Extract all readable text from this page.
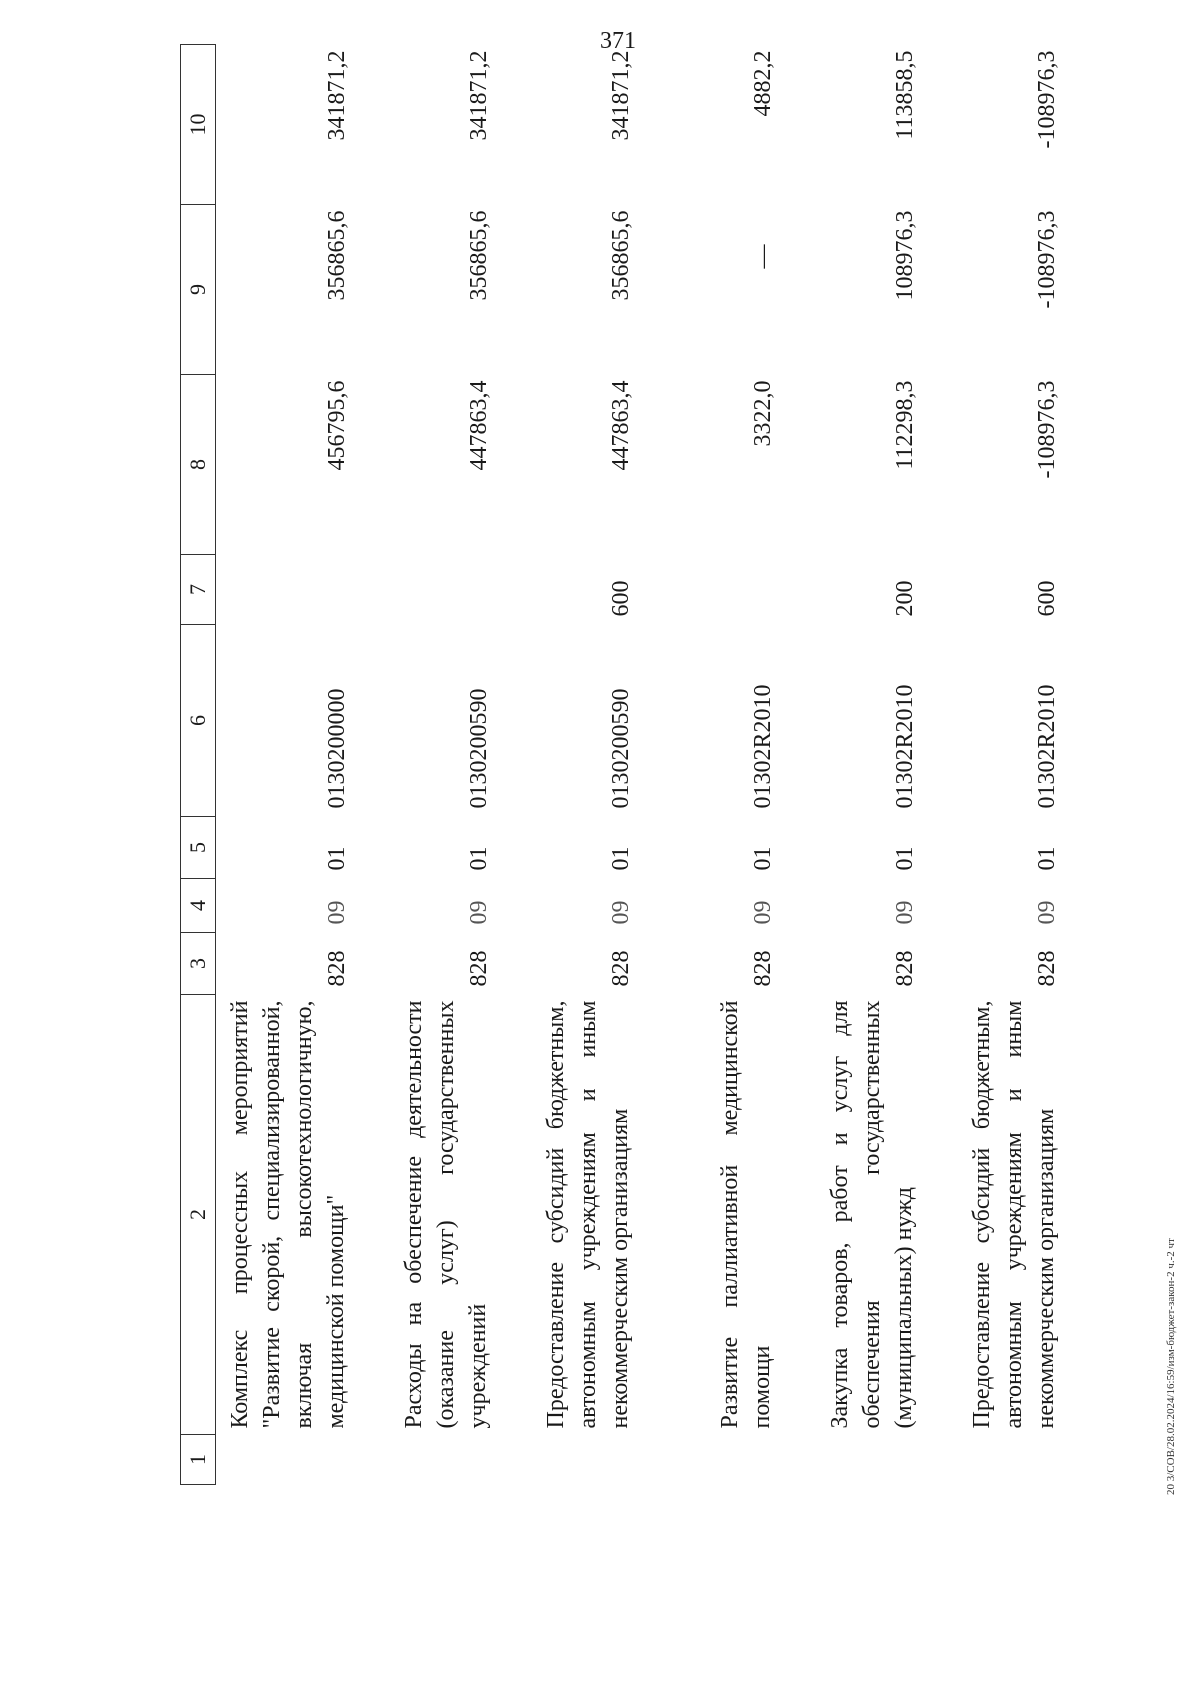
371
1	2	3	4	5	6	7	8	9	10
	Комплекс процессных мероприятий "Развитие скорой, специализированной, включая высокотехнологичную, медицинской помощи"	828	09	01	0130200000		456795,6	356865,6	341871,2
	Расходы на обеспечение деятельности (оказание услуг) государственных учреждений	828	09	01	0130200590		447863,4	356865,6	341871,2
	Предоставление субсидий бюджетным, автономным учреждениям и иным некоммерческим организациям	828	09	01	0130200590	600	447863,4	356865,6	341871,2
	Развитие паллиативной медицинской помощи	828	09	01	01302R2010		3322,0	—	4882,2
	Закупка товаров, работ и услуг для обеспечения государственных (муниципальных) нужд	828	09	01	01302R2010	200	112298,3	108976,3	113858,5
	Предоставление субсидий бюджетным, автономным учреждениям и иным некоммерческим организациям	828	09	01	01302R2010	600	-108976,3	-108976,3	-108976,3
20 3/СОВ/28.02.2024/16:59/изм-бюджет-закон-2 ч.-2 чт
